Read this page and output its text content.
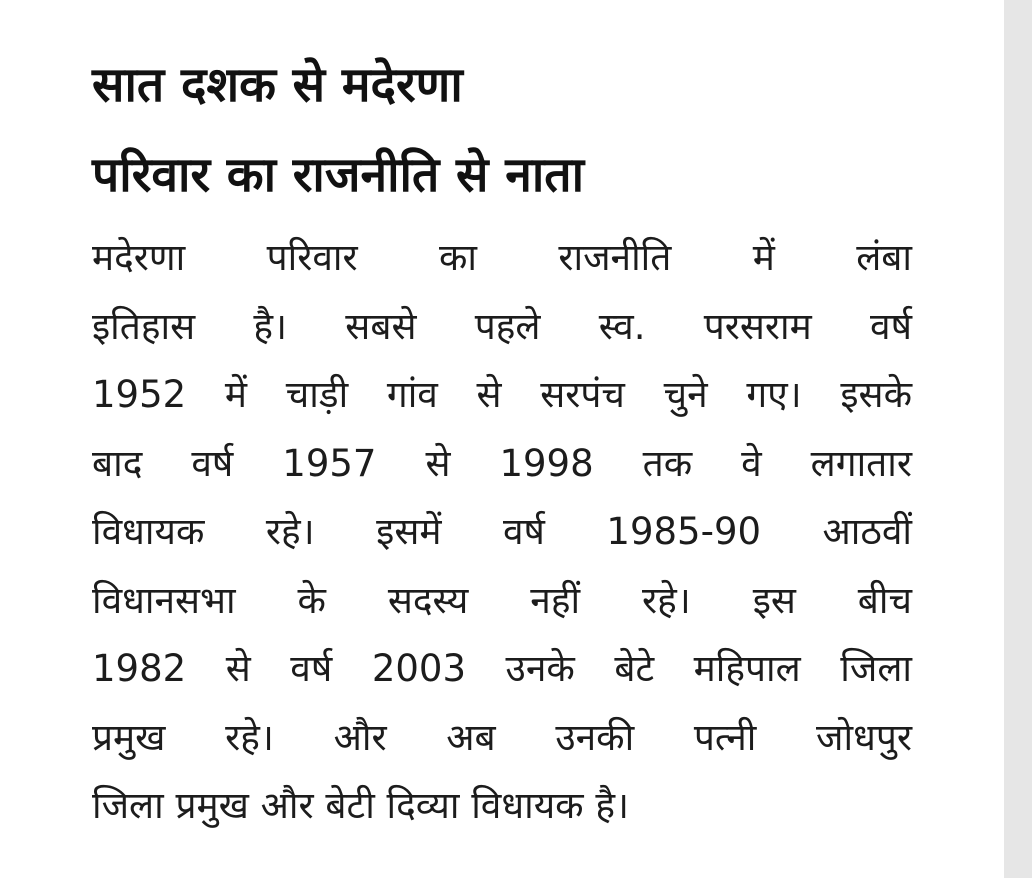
सात दशक से मदेरणा
परिवार का राजनीति से नाता
मदेरणा परिवार का राजनीति में लंबा
इतिहास है। सबसे पहले स्व. परसराम वर्ष
1952 में चाड़ी गांव से सरपंच चुने गए। इसके
बाद वर्ष 1957 से 1998 तक वे लगातार
विधायक रहे। इसमें वर्ष 1985-90 आठवीं
विधानसभा के सदस्य नहीं रहे। इस बीच
1982 से वर्ष 2003 उनके बेटे महिपाल जिला
प्रमुख रहे। और अब उनकी पत्नी जोधपुर
जिला प्रमुख और बेटी दिव्या विधायक है।
